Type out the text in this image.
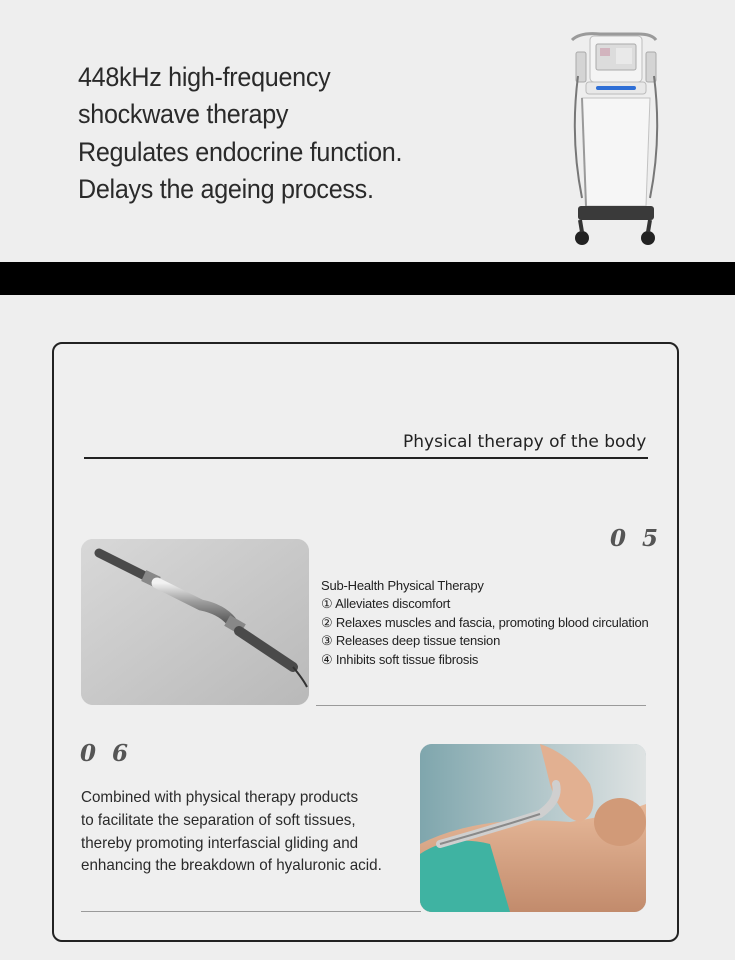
448kHz high-frequency
shockwave therapy
Regulates endocrine function.
Delays the ageing process.
Physical therapy of the body
0 5
Sub-Health Physical Therapy
① Alleviates discomfort
② Relaxes muscles and fascia, promoting blood circulation
③ Releases deep tissue tension
④ Inhibits soft tissue fibrosis
0 6
Combined with physical therapy products
to facilitate the separation of soft tissues,
thereby promoting interfascial gliding and
enhancing the breakdown of hyaluronic acid.
